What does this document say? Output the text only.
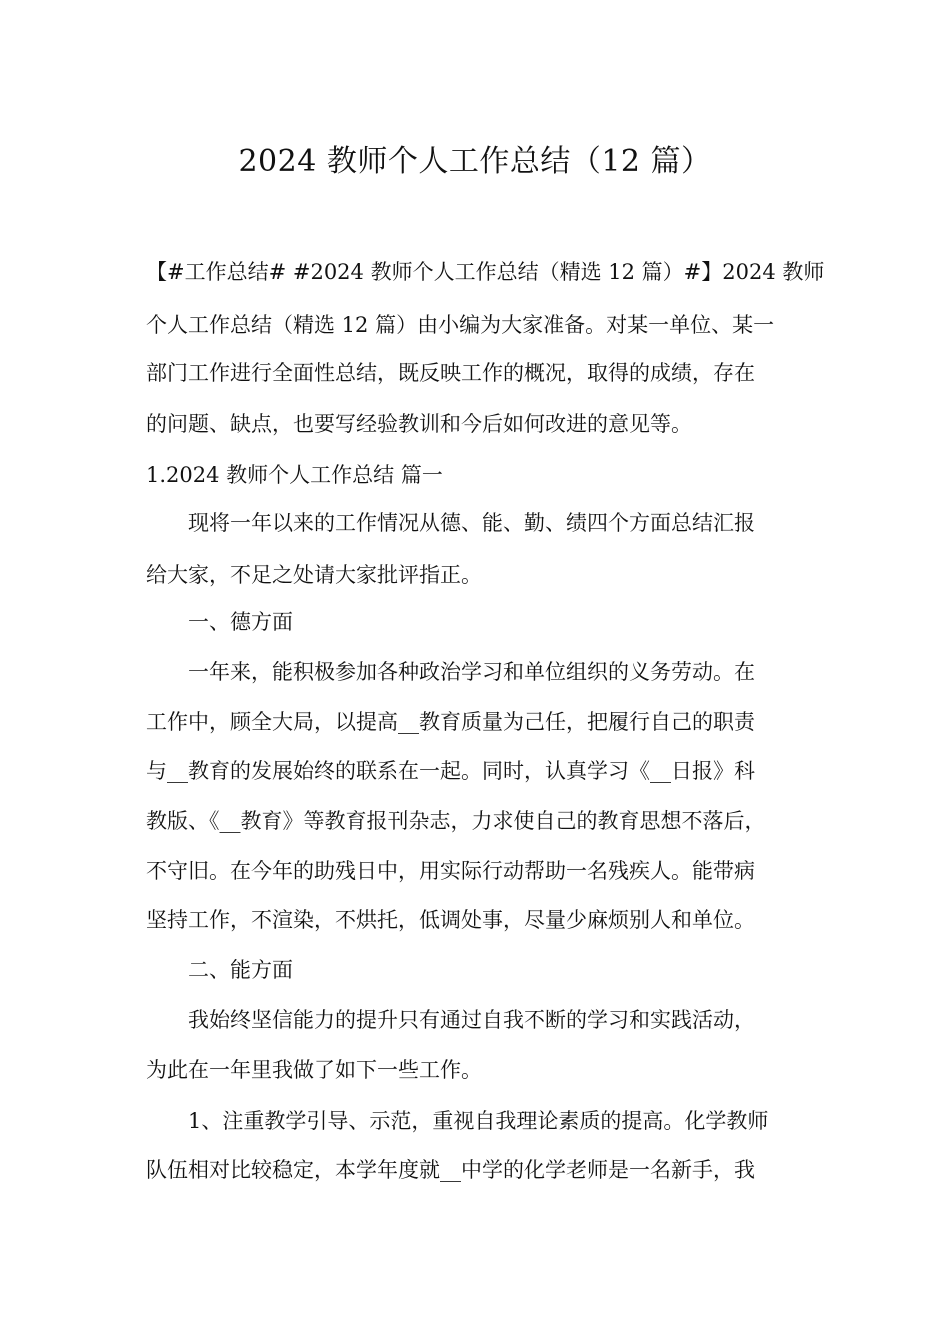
2024 教师个人工作总结（12 篇）
【#工作总结# #2024 教师个人工作总结（精选 12 篇）#】2024 教师
个人工作总结（精选 12 篇）由小编为大家准备。对某一单位、某一
部门工作进行全面性总结，既反映工作的概况，取得的成绩，存在
的问题、缺点，也要写经验教训和今后如何改进的意见等。
1.2024 教师个人工作总结 篇一
现将一年以来的工作情况从德、能、勤、绩四个方面总结汇报
给大家，不足之处请大家批评指正。
一、德方面
一年来，能积极参加各种政治学习和单位组织的义务劳动。在
工作中，顾全大局，以提高__教育质量为己任，把履行自己的职责
与__教育的发展始终的联系在一起。同时，认真学习《__日报》科
教版、《__教育》等教育报刊杂志，力求使自己的教育思想不落后，
不守旧。在今年的助残日中，用实际行动帮助一名残疾人。能带病
坚持工作，不渲染，不烘托，低调处事，尽量少麻烦别人和单位。
二、能方面
我始终坚信能力的提升只有通过自我不断的学习和实践活动，
为此在一年里我做了如下一些工作。
1、注重教学引导、示范，重视自我理论素质的提高。化学教师
队伍相对比较稳定，本学年度就__中学的化学老师是一名新手，我
